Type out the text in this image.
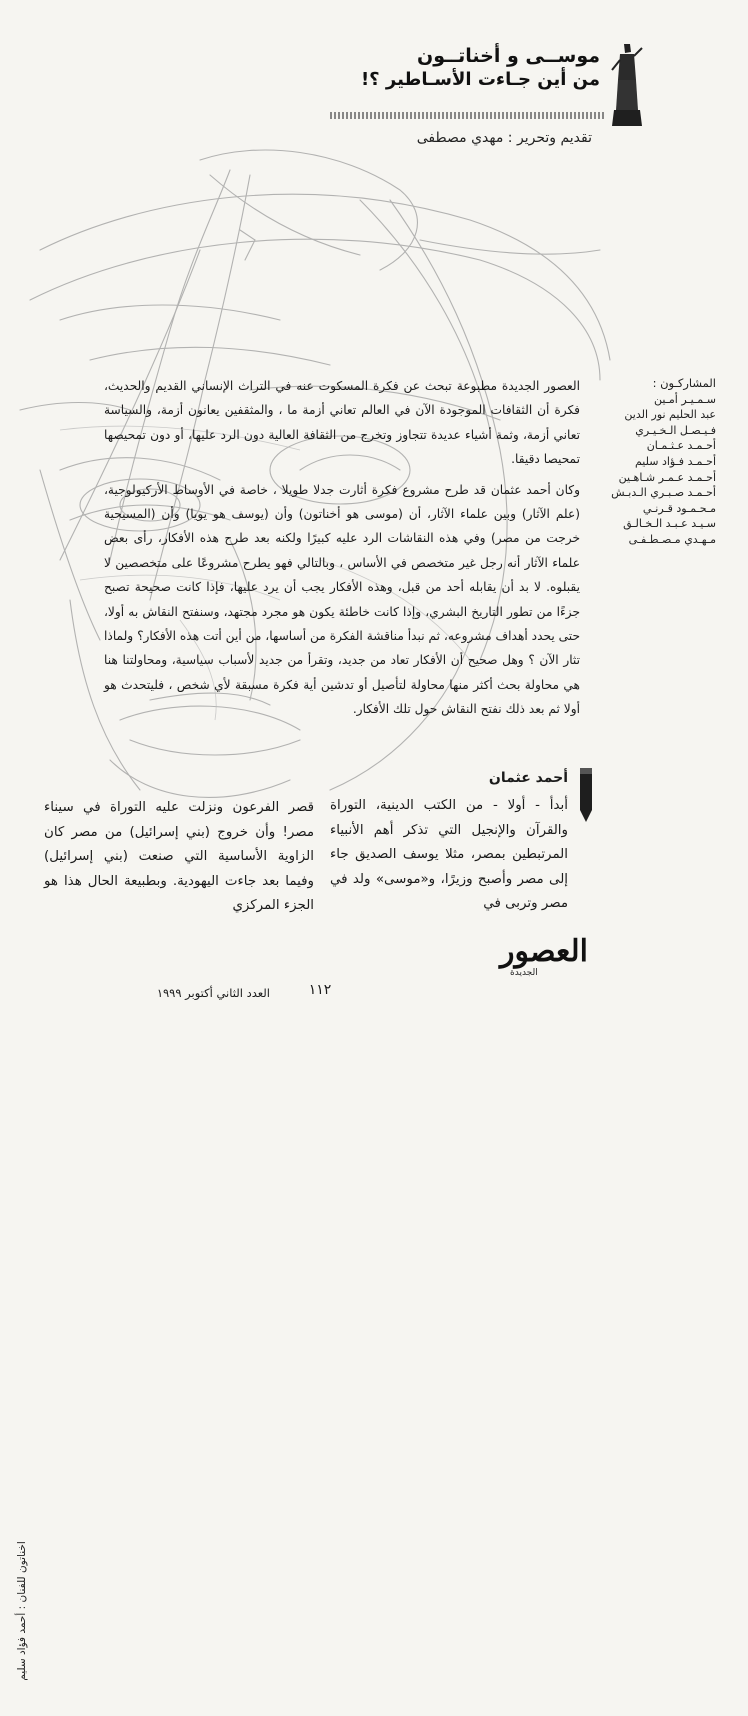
موســى و أخناتــون
من أين جـاءت الأسـاطير ؟!
تقديم وتحرير : مهدي مصطفى
المشاركـون :
سـمـيـر أمـين
عبد الحليم نور الدين
فـيـصـل الـخـيـري
أحـمـد عـثـمـان
أحـمـد فـؤاد سليم
أحـمـد عـمـر شـاهـين
أحـمـد صـبـري الـدبـش
مـحـمـود قـرنـي
سـيـد عـبـد الـخـالـق
مـهـدي مـصـطـفـى

العصور الجديدة مطبوعة تبحث عن فكرة المسكوت عنه في التراث الإنساني القديم والحديث، فكرة أن الثقافات الموجودة الآن في العالم تعاني أزمة ما ، والمثقفين يعانون أزمة، والسياسة تعاني أزمة، وثمة أشياء عديدة تتجاوز وتخرج من الثقافة العالية دون الرد عليها، أو دون تمحيصها تمحيصا دقيقا.

وكان أحمد عثمان قد طرح مشروع فكرة أثارت جدلا طويلا ، خاصة في الأوساط الأركيولوجية، (علم الآثار) وبين علماء الآثار، أن (موسى هو أخناتون) وأن (يوسف هو يويا) وأن (المسيحية خرجت من مصر) وفي هذه النقاشات الرد عليه كبيرًا ولكنه بعد طرح هذه الأفكار، رأى بعض علماء الآثار أنه رجل غير متخصص في الأساس ، وبالتالي فهو يطرح مشروعًا على متخصصين لا يقبلوه. لا بد أن يقابله أحد من قبل، وهذه الأفكار يجب أن يرد عليها، فإذا كانت صحيحة تصبح جزءًا من تطور التاريخ البشري، وإذا كانت خاطئة يكون هو مجرد مجتهد، وسنفتح النقاش به أولا، حتى يحدد أهداف مشروعه، ثم نبدأ مناقشة الفكرة من أساسها، من أين أتت هذه الأفكار؟ ولماذا تثار الآن ؟ وهل صحيح أن الأفكار تعاد من جديد، وتقرأ من جديد لأسباب سياسية، ومحاولتنا هنا هي محاولة بحث أكثر منها محاولة لتأصيل أو تدشين أية فكرة مسبقة لأي شخص ، فليتحدث هو أولا ثم بعد ذلك نفتح النقاش حول تلك الأفكار.

أحمد عثمان
أبدأ - أولا - من الكتب الدينية، التوراة والقرآن والإنجيل التي تذكر أهم الأنبياء المرتبطين بمصر، مثلا يوسف الصديق جاء إلى مصر وأصبح وزيرًا، و«موسى» ولد في مصر وتربى في
قصر الفرعون ونزلت عليه التوراة في سيناء مصر! وأن خروج (بني إسرائيل) من مصر كان الزاوية الأساسية التي صنعت (بني إسرائيل) وفيما بعد جاءت اليهودية. وبطبيعة الحال هذا هو الجزء المركزي
اخناتون للفنان : أحمد فؤاد سليم
العصور
الجديدة
١١٢
العدد الثاني أكتوبر ١٩٩٩
